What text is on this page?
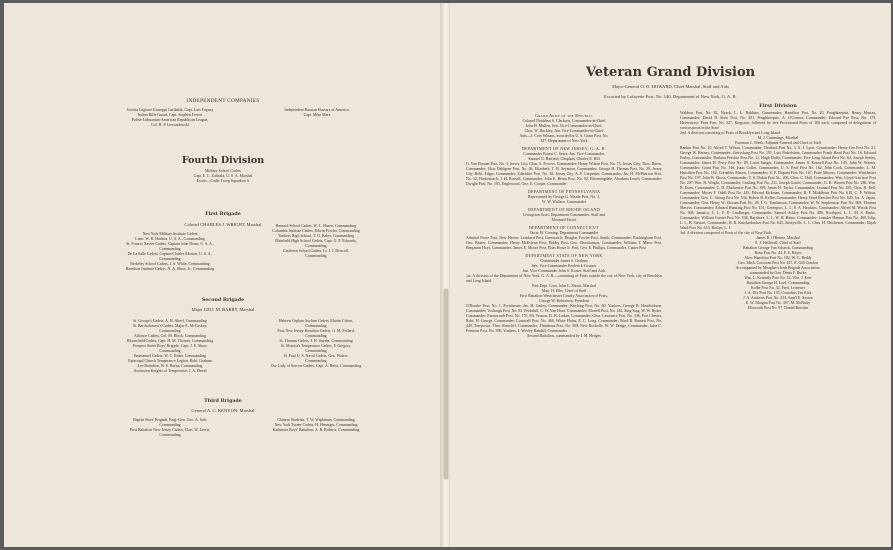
INDEPENDENT COMPANIES
Societa Legione Giuseppi Garibaldi, Capt. Luis Fuguay
Italian Rifle Guard, Capt. Stephen Ferreri
Polish-Lithuanian-American Republican League,
Col. H. P. Lewandowski
Independent Russian Hussars of America,
Capt. Mike Mara
Fourth Division
Military School Cadets
Capt. E. L. Zalinski, U. S. A. Marshal
Escort—Cadet Troop Squadron A
First Brigade
Colonel CHARLES J. WRIGHT, Marshal
New York Military Institute Cadets
Lieut. W. R. Hudson, U. S. A., Commanding
St. Francis Xavier Cadets, Captain John Drum, U. S. A.,
Commanding
De La Salle Cadets, Captain Charles Morton, U. S. A.,
Commanding
Berkeley School Cadets, J. S. White, Commanding
Hamilton Institute Cadets, N. A. Shere, Jr., Commanding
Barnard School Cadets, W. L. Hazen, Commanding
Columbia Institute Cadets, Edwin Fowler, Commanding
Yonkers High School, T. O. Baker, Commanding
Plainfield High School Cadets, Capt. G. F. Edwards,
Commanding
Castleton School Cadets, Lt. J. J. Driscoll,
Commanding
Second Brigade
Major GEO. M. BARRY, Marshal
St. George's Cadets, A. H. Abeel, Commanding
St. Bartholomew's Cadets, Major E. McCaskey,
Commanding
Alliance Cadets, Col. M. Block, Commanding
Bloomfield Cadets, Capt. H. M. Thomas, Commanding
Prospect Street Boys' Brigade, Capt. J. E. Shaw,
Commanding
Emmanuel Cadets, W. C. Ritter, Commanding
Episcopal Church Temperance Legion, Robt. Graham
Lee Battalion, W. S. Burns, Commanding
Ascension Knights of Temperance, J. A. David
Hebrew Orphan Asylum Cadets, Martin Cohen,
Commanding
First New Jersey Battalion Cadets, G. M. Pollard,
Commanding
St. Thomas Cadets, J. H. Snyder, Commanding
St. Monica's Temperance Cadets, F. Gregory,
Commanding
St. Paul U. S. Naval Cadets, Geo. Waters,
Commanding
Our Lady of Sorrow Cadets, Capt. A. Reiss, Commanding
Third Brigade
General A. C. KENYON, Marshal
Baptist Boys' Brigade, Brig.-Gen. Geo. A. Salt,
Commanding
First Battalion New Jersey Cadets, Chas. W. Lewis,
Commanding
Chinese Students, T. W. Wightman, Commanding
New York Turner Cadets, H. Henniger, Commanding
Kathmore Boys' Battalion, A. R. Roberts, Commanding
Veteran Grand Division
Major-General O. O. HOWARD, Chief Marshal, Staff and Aids
Escorted by Lafayette Post, No. 140, Department of New York, G. A. R.

Grand Army of the Republic

Colonel Thaddeus S. Clarkson, Commander-in-Chief

John H. Mullen, Sen. Vice-Commander-in-Chief,

Chas. W. Buckley, Jun. Vice-Commander-in-Chief

Aids—J. Cory Winans, escorted by U. S. Grant Post, No.

327, Department of New York

DEPARTMENT OF NEW JERSEY, G. A. R.

Commander Ernest C. Sears; Jun. Vice-Commander,

Samuel G. Hatfield; Chaplain, Charles E. Hill

G. Van Houten Post, No. 3, Jersey City, Chas. S. Powers, Commander; Henry Wilson Post, No. 73, Jersey City, Thos. Burns, Commander; Ulric Dahlgren Post, No. 46, Elizabeth, T. H. Seymour, Commander; George H. Thomas Post, No. 29, Jersey City, Robt. Edgar, Commander; Zabriskie Post, No. 38, Jersey City, A. F. Carpenter, Commander; Jas. H. McPherson Post, No. 52, Hackensack, J. H. Russell, Commander; John E. Beam Post, No. 92, Bloomingdale, Abraham Leach, Commander; Dwight Post, No. 105, Englewood, Geo. E. Cooper, Commander

DEPARTMENT OF PENNSYLVANIA

Represented by George G. Meade Post, No. 1,

W. W. Wallace, Commander

DEPARTMENT OF RHODE ISLAND

Livingston Scott, Department Commander, Staff and

Mounted Escort

DEPARTMENT OF CONNECTICUT

Oscar W. Corning, Department Commander

Admiral Foote Post, New Haven; Lombard Post, Greenwich; Douglas Fowler Post, Smith, Commander; Buckingham Post, Geo. Baxter, Commander; Henry McEvlena Post; Hobby Post, Geo. Christianson, Commander; William T. Minor Post, Benjamin Hoyt, Commander; James E. Moore Post; Elias Howe Jr. Post, Geo. E. Phillips, Commander; Custer Post

DEPARTMENT STATE OF NEW YORK

Commander James S. Graham

Sen. Vice-Commander Frederick Cossum

Jun. Vice-Commander John S. Koster, Staff and Aids

1st. A division of the Department of New York, G. A. R.—consisting of Posts outside the city of New York, city of Brooklyn and Long Island

Past Dept. Com. John C. Shotts, Marshal

Matt. H. Ellis, Chief of Staff

First Battalion Westchester County Association of Posts,

George W. Robertson, President

O'Rourke Post, No. 1, Portchester, Jas. H. Gailey, Commander; Kitching Post, No. 60, Yonkers, George B. Hendrickson, Commander; Vosburgh Post, No. 95, Peekskill, C. W. Van Horn, Commander; Morrell Post, No. 144, Sing Sing, W. W. Ryder, Commander; Farnsworth Post, No. 170, Mt. Vernon, D. W. Larkin, Commander; Chas. Lawrence Post, No. 336, Port Chester, Robt. H. George, Commander; Cornwell Post, No. 466, White Plains, E. C. Long, Commander; Ward B. Burnett Post, No. 449, Tarrytown, Thos. Rawcliff, Commander; Planderau Post, No. 509, New Rochelle, W. W. Dodge, Commander; John C. Fremont Post, No. 590, Yonkers, J. Wesley Randall, Commander

Second Battalion, commanded by I. M. Hedges

First Division

Waldron Post, No. 82, Nyack, L. L. Robbins, Commander; Hamilton Post, No. 20, Poughkeepsie, Henry Murray, Commander; David B. Slote Post, No. 301, Poughkeepsie, A. O'Connor, Commander; Edward Pye Post, No. 179, Haverstraw; Pratt Post, No. 227, Kingston; followed by five Provisional Posts of 100 each, composed of delegations of various posts in the State

2nd. A division consisting of Posts of Brooklyn and Long Island

M. J. Cummings, Marshal

Foreman C. Meek, Adjutant-General and Chief of Staff

Rankin Post No. 10, Alfred T. Wilson, Commander; Thatford Post No. 3, A. J. Lyon, Commander; Henry Lee Post No. 21, George W. Berney, Commander; Gettysburg Post No. 191, Luis Finkelstein, Commander; Frank Head Post No. 16, Edward Farley, Commander; Barbara Fritchie Post No. 11, Hugh Duffy, Commander; Five Long Island Post No. 64, Joseph Seeley, Commander; James H. Perry Post No. 89, Louis Sanger, Commander; James S. Kennell Post No. 145, John W. Warner, Commander; Grant Post No. 146, Isaac Collet, Commander; U. S. Ford Post No. 162, John Cook, Commander; L. M. Hamilton Post No. 182, Cornelius Mason, Commander; S. F. Dupont Post No. 167, Peter Meyers, Commander; Winchester Post No. 197, John B. Choss, Commander; T. S. Dakin Post No. 206, Chas. C. Hall, Commander; Wm. Lloyd Garrison Post No. 207, Wm. H. Wright, Commander; Cushing Post No. 231, Joseph Gould, Commander; G. K. Warren Post No. 286, Wm. B. Estes, Commander; C. D. Mackenzie Post No. 399, James H. Taylor, Commander; Leonard Post No. 435, Chas. H. Bell, Commander; Moses F. Odell Post No. 443, Edward Kirkman, Commander; B. F. Middleton Post No. 610, C. F. Wilson, Commander; Geo. C. Strong Post No. 534, Robert B. Keller, Commander; Henry Ward Beecher Post No. 620, Jas. A. Japan, Commander; Gen. Henry W. Slocum Post No. 26, I. G. Tomkinson, Commander; W. W. Stephenson Post No. 669, Thomas Mavers, Commander; Edward Huntting Post No. 151, Greenport, L. I., S. A. Hawkins, Commander; Alfred M. Woods Post No. 368, Jamaica, L. I., F. D. Lindberger, Commander; Samuel Ackley Post No. 486, Northport, L. I., M. S. Burke, Commander; William Garner Post No. 538, Bayshore, L. I., W. H. Haine, Commander; Leander Hanson Post No. 460, Islip, L. I., H. Stewart, Commander; H. B. Knickerbocker Post No. 643, Amityville, L. I., Chas. H. Chichester, Commander; Elijah Ward Post No. 653, Roslyn, L. I.

3rd. A division composed of Posts of the city of New York

James R. O'Beirne, Marshal

E. J. Helliwell, Chief of Staff

Battalion George Van Schaick, Commanding

Reno Post No. 44, F. S. Hayes

Alex. Hamilton Post No. 182, W. C. Reddy

Geo. Mich. Corcoran Post No. 427, E. Gill Condon

Accompanied by Meagher's Irish Brigade Association,

commanded by Gen. Denis F. Burke

Wm. L. Kennedy Post No. 42, Wm. J. Kerr

Battalion George H. Lord, Commanding

Kolbe Post No. 32, Fred. Leineiser

J. A. Dix Post No. 135, Cornelius Ten Eick

J. A. Andrews Post No. 234, Sam'l E. Saxton

E. W. Morgan Post No. 307, M. McNulty

Ellsworth Post No. 97, Daniel Riordan
